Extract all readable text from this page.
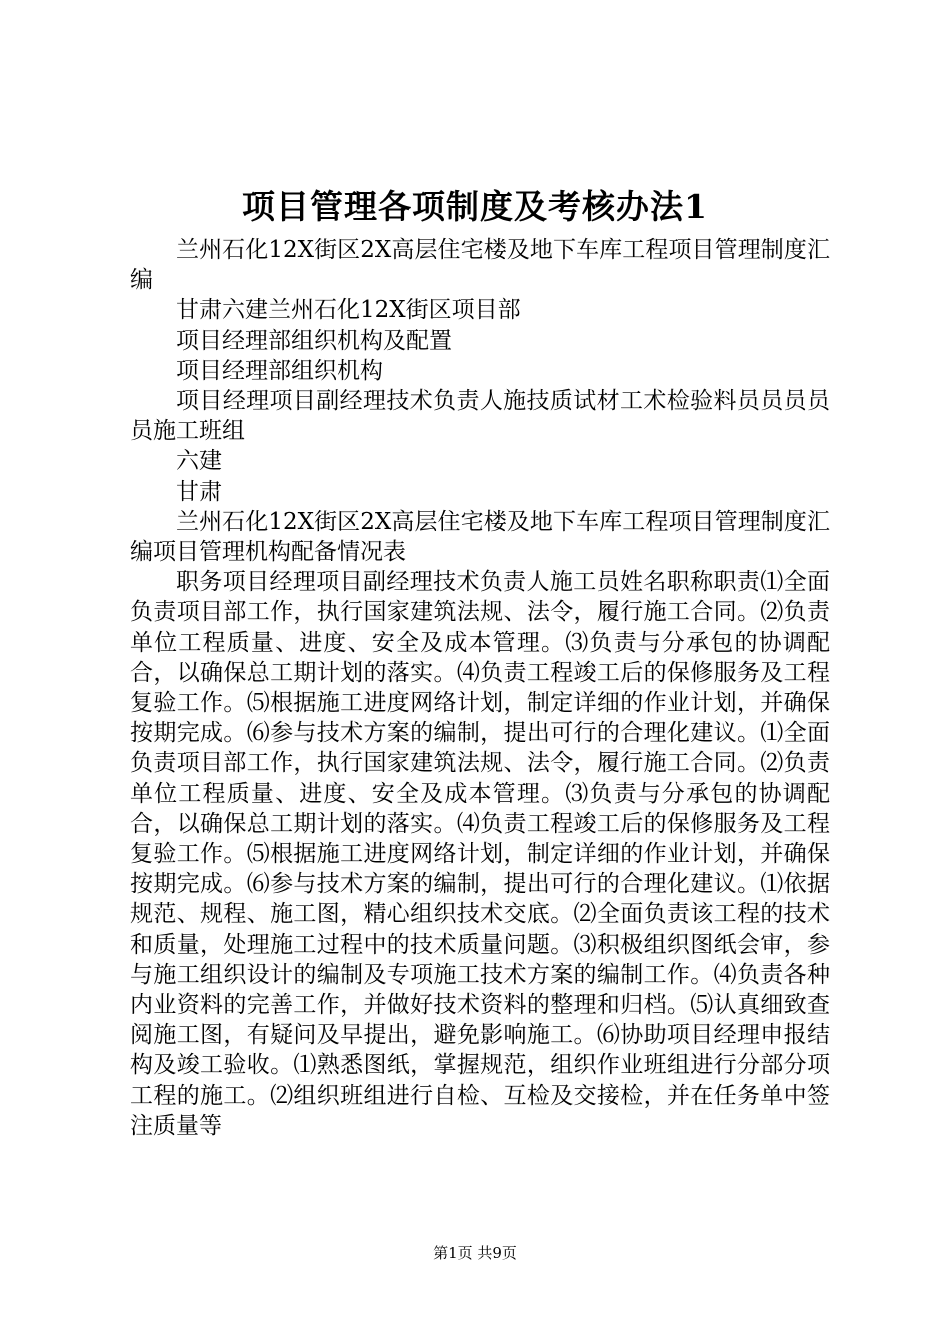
项目管理各项制度及考核办法1

兰州石化12X街区2X高层住宅楼及地下车库工程项目管理制度汇编

甘肃六建兰州石化12X街区项目部

项目经理部组织机构及配置

项目经理部组织机构

项目经理项目副经理技术负责人施技质试材工术检验料员员员员员施工班组

六建

甘肃

兰州石化12X街区2X高层住宅楼及地下车库工程项目管理制度汇编项目管理机构配备情况表

职务项目经理项目副经理技术负责人施工员姓名职称职责⑴全面负责项目部工作，执行国家建筑法规、法令，履行施工合同。⑵负责单位工程质量、进度、安全及成本管理。⑶负责与分承包的协调配合，以确保总工期计划的落实。⑷负责工程竣工后的保修服务及工程复验工作。⑸根据施工进度网络计划，制定详细的作业计划，并确保按期完成。⑹参与技术方案的编制，提出可行的合理化建议。⑴全面负责项目部工作，执行国家建筑法规、法令，履行施工合同。⑵负责单位工程质量、进度、安全及成本管理。⑶负责与分承包的协调配合，以确保总工期计划的落实。⑷负责工程竣工后的保修服务及工程复验工作。⑸根据施工进度网络计划，制定详细的作业计划，并确保按期完成。⑹参与技术方案的编制，提出可行的合理化建议。⑴依据规范、规程、施工图，精心组织技术交底。⑵全面负责该工程的技术和质量，处理施工过程中的技术质量问题。⑶积极组织图纸会审，参与施工组织设计的编制及专项施工技术方案的编制工作。⑷负责各种内业资料的完善工作，并做好技术资料的整理和归档。⑸认真细致查阅施工图，有疑问及早提出，避免影响施工。⑹协助项目经理申报结构及竣工验收。⑴熟悉图纸，掌握规范，组织作业班组进行分部分项工程的施工。⑵组织班组进行自检、互检及交接检，并在任务单中签注质量等

第1页 共9页
